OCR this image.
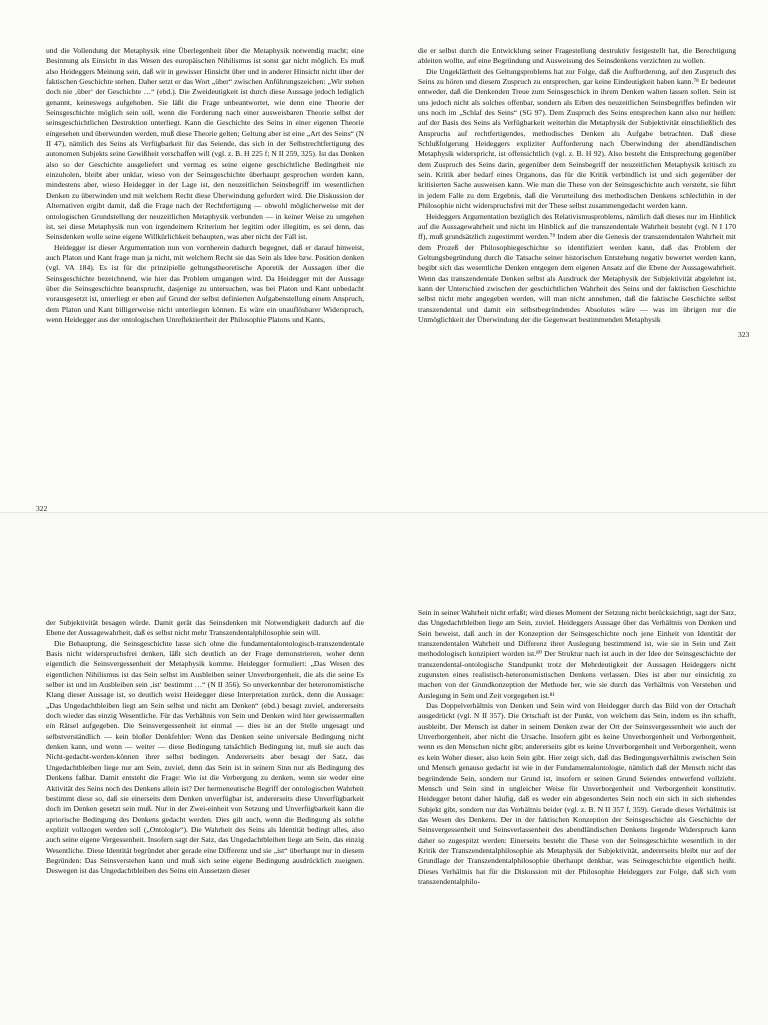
und die Vollendung der Metaphysik eine Überlegenheit über die Metaphysik notwendig macht; eine Besinnung als Einsicht in das Wesen des europäischen Nihilismus ist sonst gar nicht möglich. Es muß also Heideggers Meinung sein, daß wir in gewisser Hinsicht über und in anderer Hinsicht nicht über der faktischen Geschichte stehen. Daher setzt er das Wort „über“ zwischen Anführungszeichen: „Wir stehen doch nie ‚über‘ der Geschichte …“ (ebd.). Die Zweideutigkeit ist durch diese Aussage jedoch lediglich genannt, keineswegs aufgehoben. Sie läßt die Frage unbeantwortet, wie denn eine Theorie der Seinsgeschichte möglich sein soll, wenn die Forderung nach einer ausweisbaren Theorie selbst der seinsgeschichtlichen Destruktion unterliegt. Kann die Geschichte des Seins in einer eigenen Theorie eingesehen und überwunden werden, muß diese Theorie gelten; Geltung aber ist eine „Art des Seins“ (N II 47), nämlich des Seins als Verfügbarkeit für das Seiende, das sich in der Selbstrechtfertigung des autonomen Subjekts seine Gewißheit verschaffen will (vgl. z. B. H 225 f; N II 259, 325). Ist das Denken also so der Geschichte ausgeliefert und vermag es seine eigene geschichtliche Bedingtheit nie einzuholen, bleibt aber unklar, wieso von der Seinsgeschichte überhaupt gesprochen werden kann, mindestens aber, wieso Heidegger in der Lage ist, den neuzeitlichen Seinsbegriff im wesentlichen Denken zu überwinden und mit welchem Recht diese Überwindung gefordert wird. Die Diskussion der Alternativen ergibt damit, daß die Frage nach der Rechtfertigung — obwohl möglicherweise mit der ontologischen Grundstellung der neuzeitlichen Metaphysik verbunden — in keiner Weise zu umgehen ist, sei diese Metaphysik nun von irgendeinem Kriterium her legitim oder illegitim, es sei denn, das Seinsdenken wolle seine eigene Willkürlichkeit behaupten, was aber nicht der Fall ist.

Heidegger ist dieser Argumentation nun von vornherein dadurch begegnet, daß er darauf hinweist, auch Platon und Kant frage man ja nicht, mit welchem Recht sie das Sein als Idee bzw. Position denken (vgl. VA 184). Es ist für die prinzipielle geltungstheoretische Aporetik der Aussagen über die Seinsgeschichte bezeichnend, wie hier das Problem umgangen wird. Da Heidegger mit der Aussage über die Seinsgeschichte beansprucht, dasjenige zu untersuchen, was bei Platon und Kant unbedacht vorausgesetzt ist, unterliegt er eben auf Grund der selbst definierten Aufgabenstellung einem Anspruch, dem Platon und Kant billigerweise nicht unterliegen können. Es wäre ein unauflösbarer Widerspruch, wenn Heidegger aus der ontologischen Unreflektiertheit der Philosophie Platons und Kants,

322

die er selbst durch die Entwicklung seiner Fragestellung destruktiv festgestellt hat, die Berechtigung ableiten wollte, auf eine Begründung und Ausweisung des Seinsdenkens verzichten zu wollen.

Die Ungeklärtheit des Geltungsproblems hat zur Folge, daß die Aufforderung, auf den Zuspruch des Seins zu hören und diesem Zuspruch zu entsprechen, gar keine Eindeutigkeit haben kann.⁷⁸ Er bedeutet entweder, daß die Denkenden Treue zum Seinsgeschick in ihrem Denken walten lassen sollen. Sein ist uns jedoch nicht als solches offenbar, sondern als Erben des neuzeitlichen Seinsbegriffes befinden wir uns noch im „Schlaf des Seins“ (SG 97). Dem Zuspruch des Seins entsprechen kann also nur heißen: auf der Basis des Seins als Verfügbarkeit weiterhin die Metaphysik der Subjektivität einschließlich des Anspruchs auf rechtfertigendes, methodisches Denken als Aufgabe betrachten. Daß diese Schlußfolgerung Heideggers expliziter Aufforderung nach Überwindung der abendländischen Metaphysik widerspricht, ist offensichtlich (vgl. z. B. H 92). Also besteht die Entsprechung gegenüber dem Zuspruch des Seins darin, gegenüber dem Seinsbegriff der neuzeitlichen Metaphysik kritisch zu sein. Kritik aber bedarf eines Organons, das für die Kritik verbindlich ist und sich gegenüber der kritisierten Sache ausweisen kann. Wie man die These von der Seinsgeschichte auch versteht, sie führt in jedem Falle zu dem Ergebnis, daß die Verurteilung des methodischen Denkens schlechthin in der Philosophie nicht widerspruchsfrei mit der These selbst zusammengedacht werden kann.

Heideggers Argumentation bezüglich des Relativismusproblems, nämlich daß dieses nur im Hinblick auf die Aussagewahrheit und nicht im Hinblick auf die transzendentale Wahrheit besteht (vgl. N I 170 ff), muß grundsätzlich zugestimmt werden.⁷⁹ Indem aber die Genesis der transzendentalen Wahrheit mit dem Prozeß der Philosophiegeschichte so identifiziert werden kann, daß das Problem der Geltungsbegründung durch die Tatsache seiner historischen Entstehung negativ bewertet werden kann, begibt sich das wesentliche Denken entgegen dem eigenen Ansatz auf die Ebene der Aussagewahrheit. Wenn das transzendentale Denken selbst als Ausdruck der Metaphysik der Subjektivität abgelehnt ist, kann der Unterschied zwischen der geschichtlichen Wahrheit des Seins und der faktischen Geschichte selbst nicht mehr angegeben werden, will man nicht annehmen, daß die faktische Geschichte selbst transzendental und damit ein selbstbegründendes Absolutes wäre — was im übrigen nur die Unmöglichkeit der Überwindung der die Gegenwart bestimmenden Metaphysik

323

der Subjektivität besagen würde. Damit gerät das Seinsdenken mit Notwendigkeit dadurch auf die Ebene der Aussagewahrheit, daß es selbst nicht mehr Transzendentalphilosophie sein will.

Die Behauptung, die Seinsgeschichte lasse sich ohne die fundamentalontologisch-transzendentale Basis nicht widerspruchsfrei denken, läßt sich deutlich an der Frage demonstrieren, woher denn eigentlich die Seinsvergessenheit der Metaphysik komme. Heidegger formuliert: „Das Wesen des eigentlichen Nihilismus ist das Sein selbst im Ausbleiben seiner Unverborgenheit, die als die seine Es selber ist und im Ausbleiben sein ‚ist‘ bestimmt …“ (N II 356). So unverkennbar der heteronomistische Klang dieser Aussage ist, so deutlich weist Heidegger diese Interpretation zurück, denn die Aussage: „Das Ungedachtbleiben liegt am Sein selbst und nicht am Denken“ (ebd.) besagt zuviel, andererseits doch wieder das einzig Wesentliche. Für das Verhältnis von Sein und Denken wird hier gewissermaßen ein Rätsel aufgegeben. Die Seinsvergessenheit ist einmal — dies ist an der Stelle ungesagt und selbstverständlich — kein bloßer Denkfehler: Wenn das Denken seine universale Bedingung nicht denken kann, und wenn — weiter — diese Bedingung tatsächlich Bedingung ist, muß sie auch das Nicht-gedacht-werden-können ihrer selbst bedingen. Andererseits aber besagt der Satz, das Ungedachtbleiben liege nur am Sein, zuviel, denn das Sein ist in seinem Sinn nur als Bedingung des Denkens faßbar. Damit entsteht die Frage: Wie ist die Verbergung zu denken, wenn sie weder eine Aktivität des Seins noch des Denkens allein ist? Der hermeneutische Begriff der ontologischen Wahrheit bestimmt diese so, daß sie einerseits dem Denken unverfügbar ist, andererseits diese Unverfügbarkeit doch im Denken gesetzt sein muß. Nur in der Zwei-einheit von Setzung und Unverfügbarkeit kann die apriorische Bedingung des Denkens gedacht werden. Dies gilt auch, wenn die Bedingung als solche explizit vollzogen werden soll („Ontologie“). Die Wahrheit des Seins als Identität bedingt alles, also auch seine eigene Vergessenheit. Insofern sagt der Satz, das Ungedachtbleiben liege am Sein, das einzig Wesentliche. Diese Identität begründet aber gerade eine Differenz und sie „ist“ überhaupt nur in diesem Begründen: Das Seinsverstehen kann und muß sich seine eigene Bedingung ausdrücklich zueignen. Deswegen ist das Ungedachtbleiben des Seins ein Aussetzen dieser

Sein in seiner Wahrheit nicht erfaßt; wird dieses Moment der Setzung nicht berücksichtigt, sagt der Satz, das Ungedachtbleiben liege am Sein, zuviel. Heideggers Aussage über das Verhältnis von Denken und Sein beweist, daß auch in der Konzeption der Seinsgeschichte noch jene Einheit von Identität der transzendentalen Wahrheit und Differenz ihrer Auslegung bestimmend ist, wie sie in Sein und Zeit methodologisch konzipiert worden ist.⁸⁰ Der Struktur nach ist auch in der Idee der Seinsgeschichte der transzendental-ontologische Standpunkt trotz der Mehrdeutigkeit der Aussagen Heideggers nicht zugunsten eines realistisch-heteronomistischen Denkens verlassen. Dies ist aber nur einsichtig zu machen von der Grundkonzeption der Methode her, wie sie durch das Verhältnis von Verstehen und Auslegung in Sein und Zeit vorgegeben ist.⁸¹

Das Doppelverhältnis von Denken und Sein wird von Heidegger durch das Bild von der Ortschaft ausgedrückt (vgl. N II 357). Die Ortschaft ist der Punkt, von welchem das Sein, indem es ihn schafft, ausbleibt. Der Mensch ist daher in seinem Denken zwar der Ort der Seinsvergessenheit wie auch der Unverborgenheit, aber nicht die Ursache. Insofern gibt es keine Unverborgenheit und Verborgenheit, wenn es den Menschen nicht gibt; andererseits gibt es keine Unverborgenheit und Verborgenheit, wenn es kein Woher dieser, also kein Sein gibt. Hier zeigt sich, daß das Bedingungsverhältnis zwischen Sein und Mensch genauso gedacht ist wie in der Fundamentalontologie, nämlich daß der Mensch nicht das begründende Sein, sondern nur Grund ist, insofern er seinen Grund Seiendes entwerfend vollzieht. Mensch und Sein sind in ungleicher Weise für Unverborgenheit und Verborgenheit konstitutiv. Heidegger betont daher häufig, daß es weder ein abgesondertes Sein noch ein sich in sich stehendes Subjekt gibt, sondern nur das Verhältnis beider (vgl. z. B. N II 357 f, 359). Gerade dieses Verhältnis ist das Wesen des Denkens. Der in der faktischen Konzeption der Seinsgeschichte als Geschichte der Seinsvergessenheit und Seinsverlassenheit des abendländischen Denkens liegende Widerspruch kann daher so zugespitzt werden: Einerseits besteht die These von der Seinsgeschichte wesentlich in der Kritik der Transzendentalphilosophie als Metaphysik der Subjektivität, andererseits bleibt nur auf der Grundlage der Transzendentalphilosophie überhaupt denkbar, was Seinsgeschichte eigentlich heißt. Dieses Verhältnis hat für die Diskussion mit der Philosophie Heideggers zur Folge, daß sich vom transzendentalphilo-
